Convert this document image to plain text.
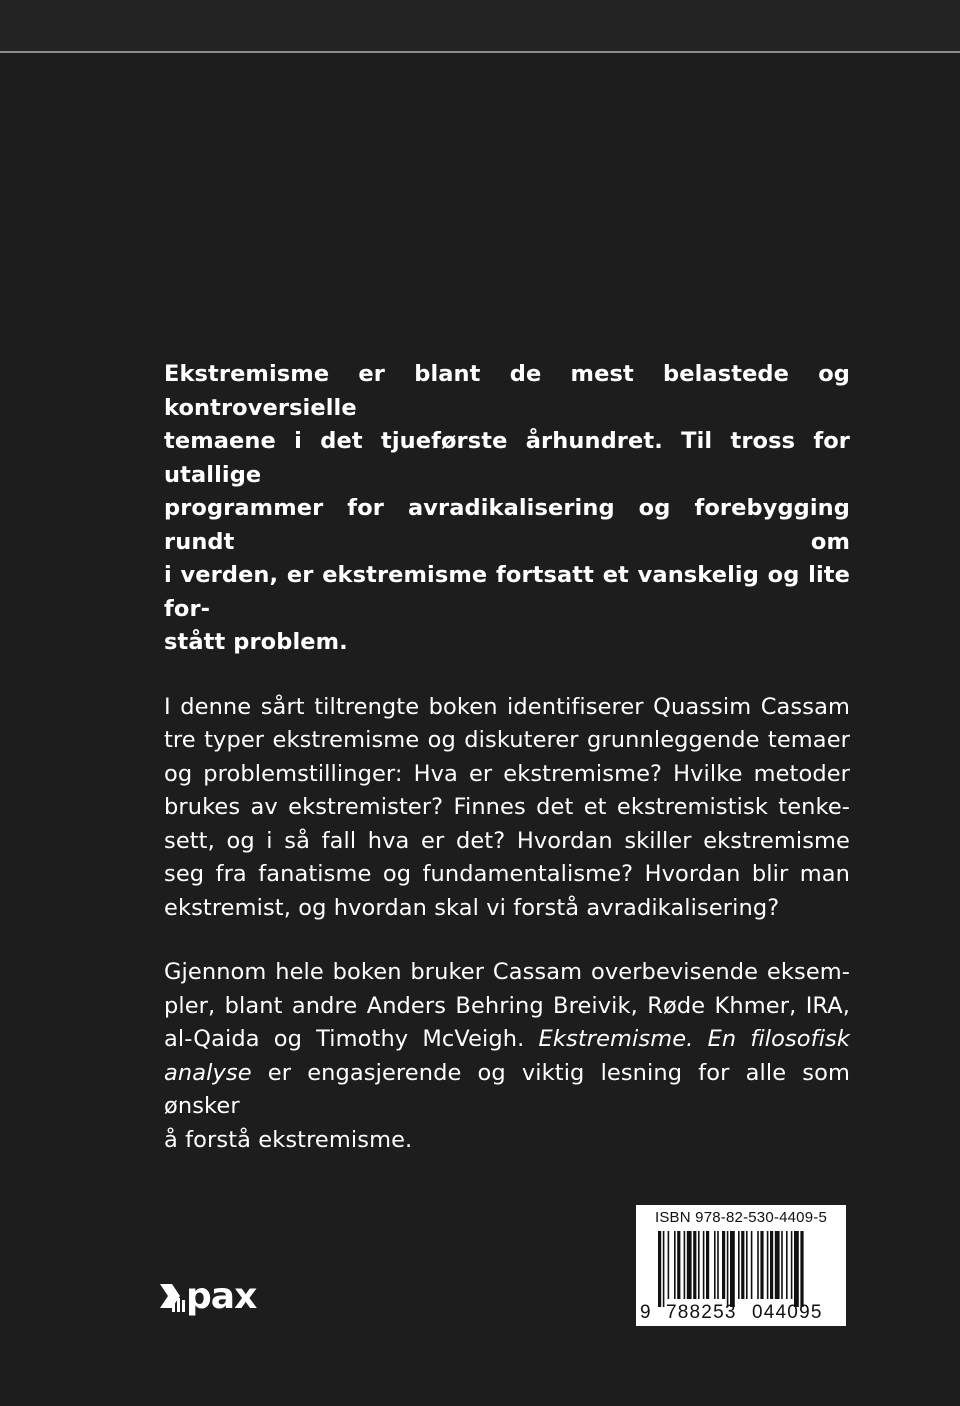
Ekstremisme er blant de mest belastede og kontroversielle
temaene i det tjueførste århundret. Til tross for utallige
programmer for avradikalisering og forebygging rundt om
i verden, er ekstremisme fortsatt et vanskelig og lite for-
stått problem.

I denne sårt tiltrengte boken identifiserer Quassim Cassam
tre typer ekstremisme og diskuterer grunnleggende temaer
og problemstillinger: Hva er ekstremisme? Hvilke metoder
brukes av ekstremister? Finnes det et ekstremistisk tenke-
sett, og i så fall hva er det? Hvordan skiller ekstremisme
seg fra fanatisme og fundamentalisme? Hvordan blir man
ekstremist, og hvordan skal vi forstå avradikalisering?

Gjennom hele boken bruker Cassam overbevisende eksem-
pler, blant andre Anders Behring Breivik, Røde Khmer, IRA,
al-Qaida og Timothy McVeigh. Ekstremisme. En filosofisk
analyse er engasjerende og viktig lesning for alle som ønsker
å forstå ekstremisme.

pax
ISBN 978-82-530-4409-5
9 788253 044095
